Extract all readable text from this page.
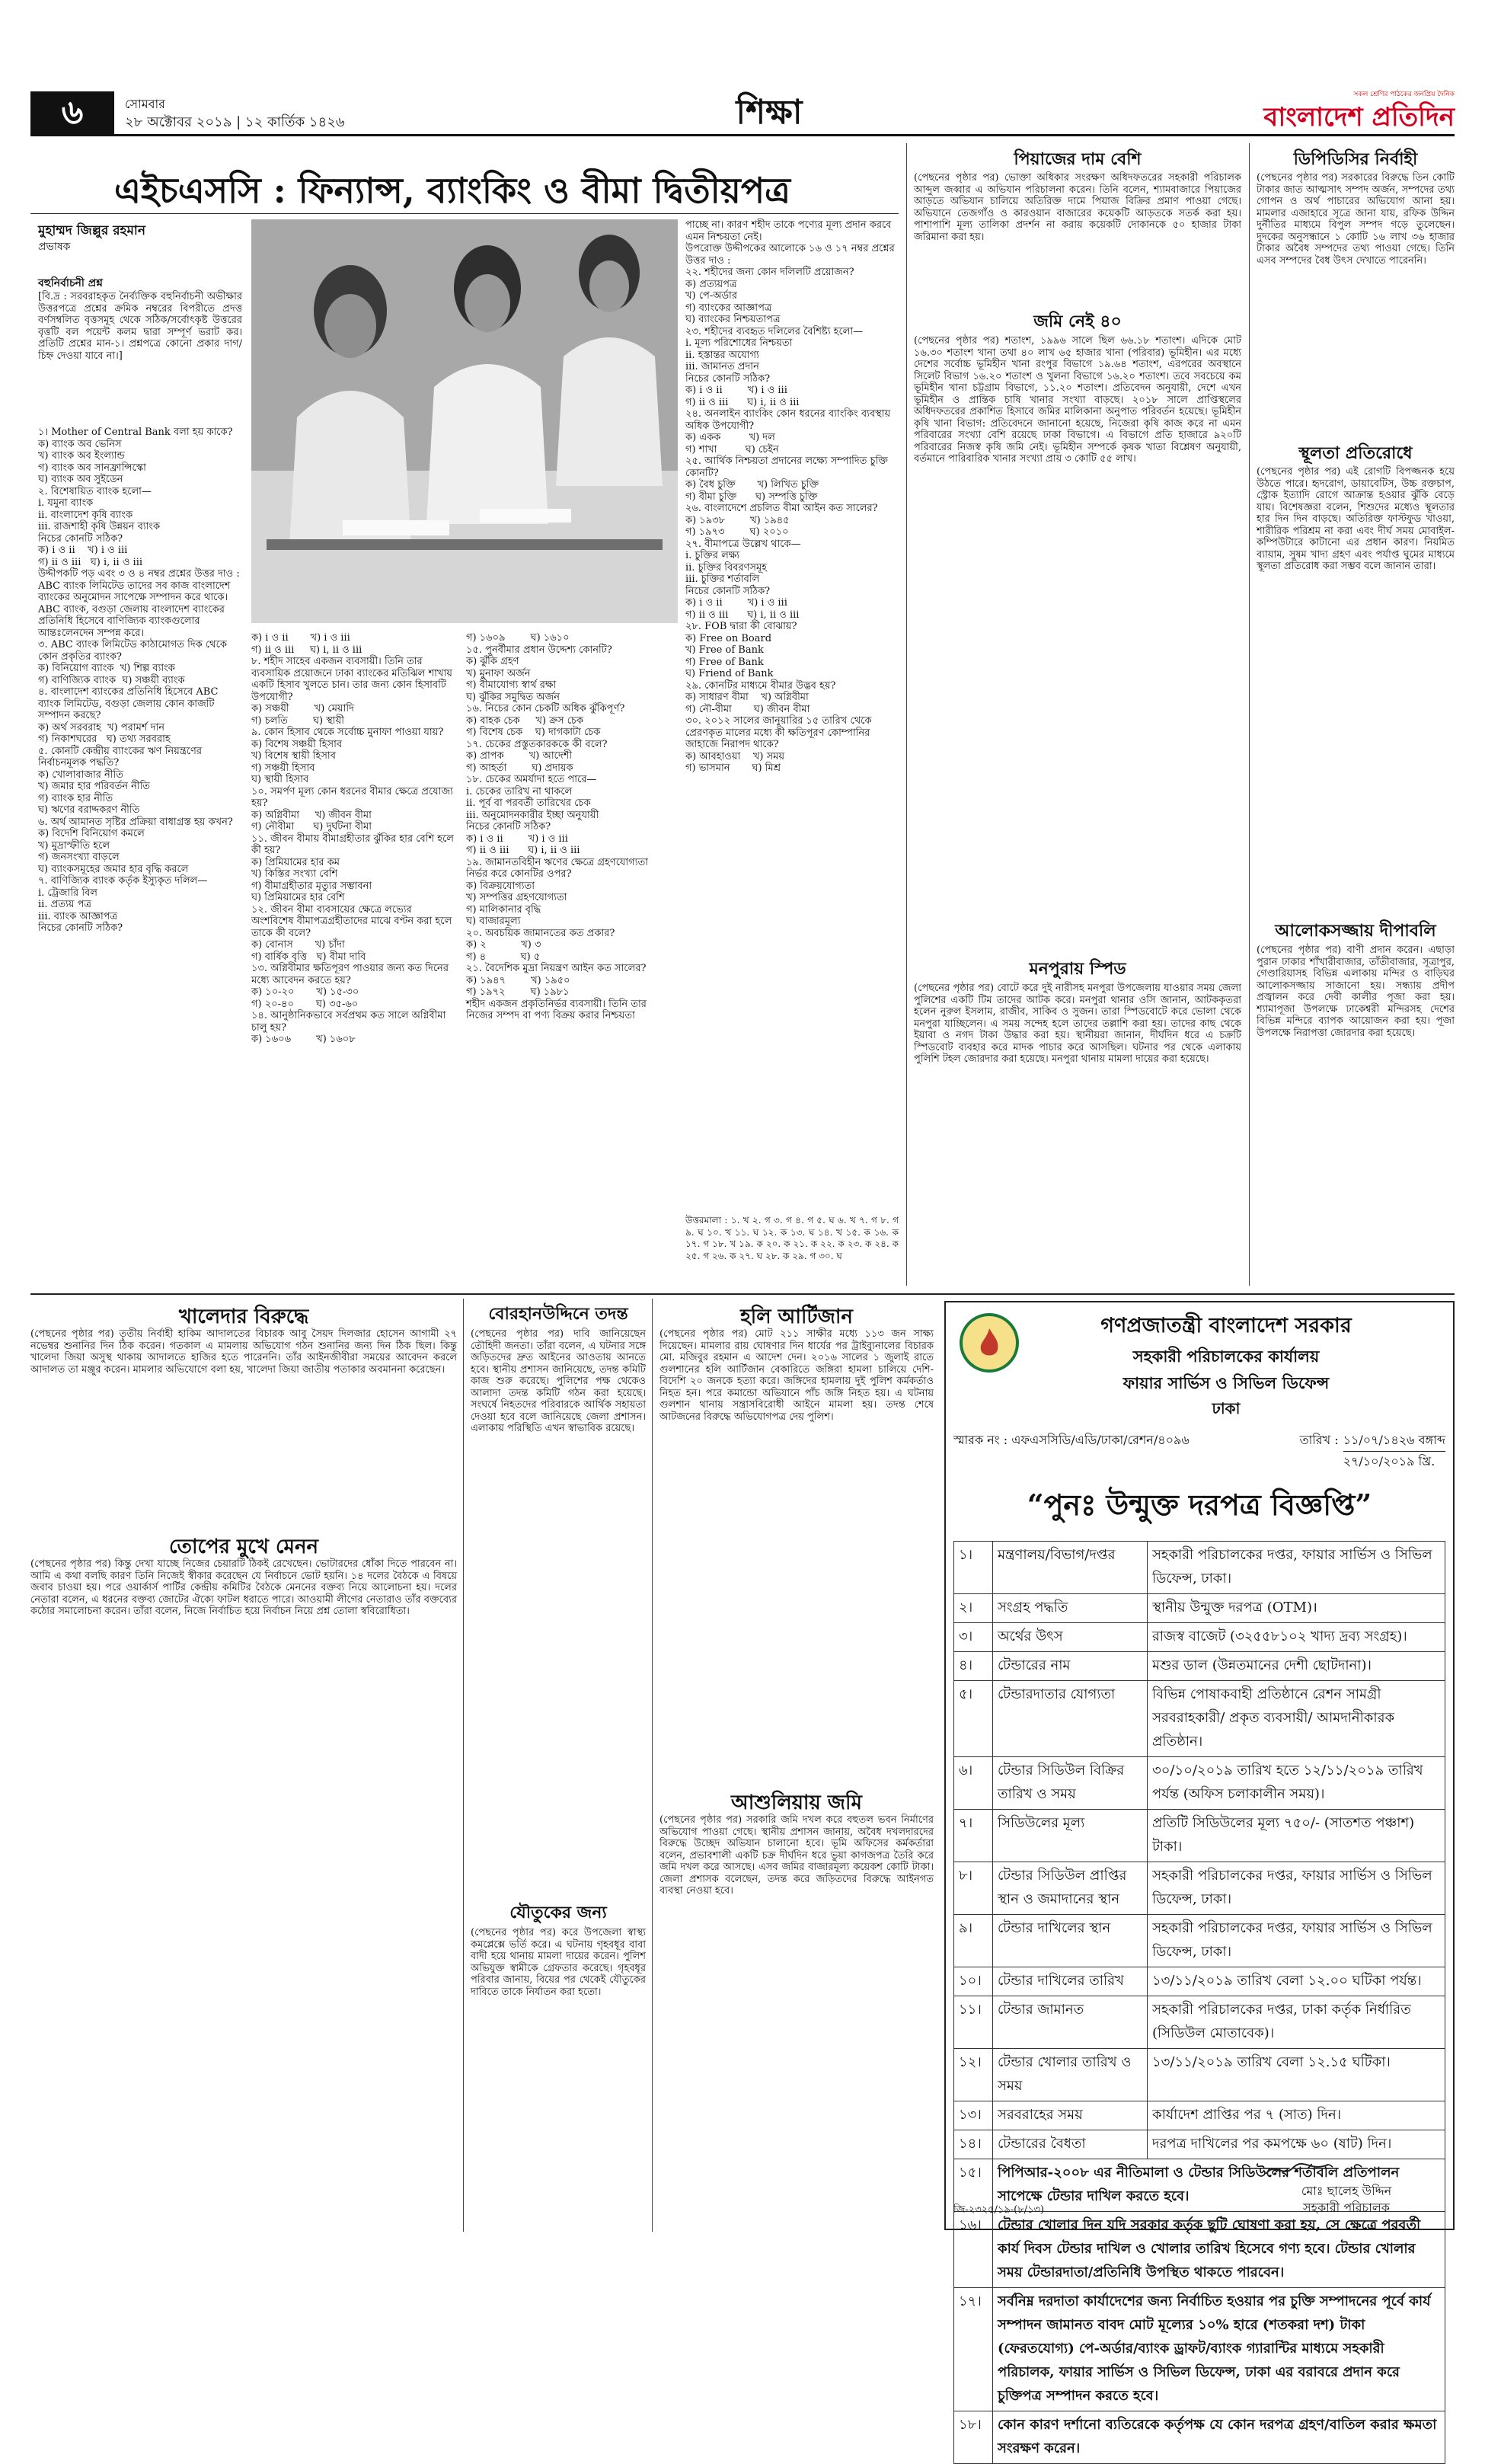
৬	সোমবার
২৮ অক্টোবর ২০১৯ | ১২ কার্তিক ১৪২৬	শিক্ষা	সকল শ্রেণির পাঠকের জনপ্রিয় দৈনিক
বাংলাদেশ প্রতিদিন
এইচএসসি : ফিন্যান্স, ব্যাংকিং ও বীমা দ্বিতীয়পত্র
মুহাম্মদ জিল্লুর রহমান
প্রভাষক
বহুনির্বাচনী প্রশ্ন
[বি.দ্র : সরবরাহকৃত নৈর্ব্যক্তিক বহুনির্বাচনী অভীক্ষার উত্তরপত্রে প্রশ্নের ক্রমিক নম্বরের বিপরীতে প্রদত্ত বর্ণসম্বলিত বৃত্তসমূহ থেকে সঠিক/সর্বোৎকৃষ্ট উত্তরের বৃত্তটি বল পয়েন্ট কলম দ্বারা সম্পূর্ণ ভরাট কর। প্রতিটি প্রশ্নের মান-১। প্রশ্নপত্রে কোনো প্রকার দাগ/চিহ্ন দেওয়া যাবে না।]
১। Mother of Central Bank বলা হয় কাকে?
ক) ব্যাংক অব ভেনিস
খ) ব্যাংক অব ইংল্যান্ড
গ) ব্যাংক অব সানফ্রান্সিস্কো
ঘ) ব্যাংক অব সুইডেন
২. বিশেষায়িত ব্যাংক হলো—
i. যমুনা ব্যাংক
ii. বাংলাদেশ কৃষি ব্যাংক
iii. রাজশাহী কৃষি উন্নয়ন ব্যাংক
নিচের কোনটি সঠিক?
ক) i ও ii    খ) i ও iii
গ) ii ও iii   ঘ) i, ii ও iii
উদ্দীপকটি পড় এবং ৩ ও ৪ নম্বর প্রশ্নের উত্তর দাও :
ABC ব্যাংক লিমিটেড তাদের সব কাজ বাংলাদেশ ব্যাংকের অনুমোদন সাপেক্ষে সম্পাদন করে থাকে। ABC ব্যাংক, বগুড়া জেলায় বাংলাদেশ ব্যাংকের প্রতিনিধি হিসেবে বাণিজ্যিক ব্যাংকগুলোর আন্তঃলেনদেন সম্পন্ন করে।
৩. ABC ব্যাংক লিমিটেড কাঠামোগত দিক থেকে কোন প্রকৃতির ব্যাংক?
ক) বিনিয়োগ ব্যাংক  খ) শিল্প ব্যাংক
গ) বাণিজ্যিক ব্যাংক  ঘ) সঞ্চয়ী ব্যাংক
৪. বাংলাদেশ ব্যাংকের প্রতিনিধি হিসেবে ABC ব্যাংক লিমিটেড, বগুড়া জেলায় কোন কাজটি সম্পাদন করছে?
ক) অর্থ সরবরাহ  খ) পরামর্শ দান
গ) নিকাশঘরের   ঘ) তথ্য সরবরাহ
৫. কোনটি কেন্দ্রীয় ব্যাংকের ঋণ নিয়ন্ত্রণের নির্বাচনমূলক পদ্ধতি?
ক) খোলাবাজার নীতি
খ) জমার হার পরিবর্তন নীতি
গ) ব্যাংক হার নীতি
ঘ) ঋণের বরাদ্দকরণ নীতি
৬. অর্থ আমানত সৃষ্টির প্রক্রিয়া বাধাগ্রস্ত হয় কখন?
ক) বিদেশি বিনিয়োগ কমলে
খ) মুদ্রাস্ফীতি হলে
গ) জনসংখ্যা বাড়লে
ঘ) ব্যাংকসমূহের জমার হার বৃদ্ধি করলে
৭. বাণিজ্যিক ব্যাংক কর্তৃক ইস্যুকৃত দলিল—
i. ট্রেজারি বিল
ii. প্রত্যয় পত্র
iii. ব্যাংক আজ্ঞাপত্র
নিচের কোনটি সঠিক?
ক) i ও ii       খ) i ও iii
গ) ii ও iii     ঘ) i, ii ও iii
৮. শহীদ সাহেব একজন ব্যবসায়ী। তিনি তার ব্যবসায়িক প্রয়োজনে ঢাকা ব্যাংকের মতিঝিল শাখায় একটি হিসাব খুলতে চান। তার জন্য কোন হিসাবটি উপযোগী?
ক) সঞ্চয়ী        খ) মেয়াদি
গ) চলতি        ঘ) স্থায়ী
৯. কোন হিসাব থেকে সর্বোচ্চ মুনাফা পাওয়া যায়?
ক) বিশেষ সঞ্চয়ী হিসাব
খ) বিশেষ স্থায়ী হিসাব
গ) সঞ্চয়ী হিসাব
ঘ) স্থায়ী হিসাব
১০. সমর্পণ মূল্য কোন ধরনের বীমার ক্ষেত্রে প্রযোজ্য হয়?
ক) অগ্নিবীমা     খ) জীবন বীমা
গ) নৌবীমা      ঘ) দুর্ঘটনা বীমা
১১. জীবন বীমায় বীমাগ্রহীতার ঝুঁকির হার বেশি হলে কী হয়?
ক) প্রিমিয়ামের হার কম
খ) কিস্তির সংখ্যা বেশি
গ) বীমাগ্রহীতার মৃত্যুর সম্ভাবনা
ঘ) প্রিমিয়ামের হার বেশি
১২. জীবন বীমা ব্যবসায়ের ক্ষেত্রে লভ্যের অংশবিশেষ বীমাপত্রগ্রহীতাদের মাঝে বণ্টন করা হলে তাকে কী বলে?
ক) বোনাস       খ) চাঁদা
গ) বার্ষিক বৃত্তি   ঘ) বীমা দাবি
১৩. অগ্নিবীমার ক্ষতিপূরণ পাওয়ার জন্য কত দিনের মধ্যে আবেদন করতে হয়?
ক) ১০-২০       খ) ১৫-৩০
গ) ২০-৪০       ঘ) ৩৫-৬০
১৪. আনুষ্ঠানিকভাবে সর্বপ্রথম কত সালে অগ্নিবীমা চালু হয়?
ক) ১৬০৬        খ) ১৬০৮
গ) ১৬০৯        ঘ) ১৬১০
১৫. পুনর্বীমার প্রধান উদ্দেশ্য কোনটি?
ক) ঝুঁকি গ্রহণ
খ) মুনাফা অর্জন
গ) বীমাযোগ্য স্বার্থ রক্ষা
ঘ) ঝুঁকির সমুদ্বিত অর্জন
১৬. নিচের কোন চেকটি অধিক ঝুঁকিপূর্ণ?
ক) বাহক চেক     খ) ক্রস চেক
গ) বিশেষ চেক    ঘ) দাগকাটা চেক
১৭. চেকের প্রস্তুতকারককে কী বলে?
ক) প্রাপক        খ) আদেশী
গ) আহর্তা        ঘ) প্রদায়ক
১৮. চেকের অমর্যাদা হতে পারে—
i. চেকের তারিখ না থাকলে
ii. পূর্ব বা পরবর্তী তারিখের চেক
iii. অনুমোদনকারীর ইচ্ছা অনুযায়ী
নিচের কোনটি সঠিক?
ক) i ও ii        খ) i ও iii
গ) ii ও iii      ঘ) i, ii ও iii
১৯. জামানতবিহীন ঋণের ক্ষেত্রে গ্রহণযোগ্যতা নির্ভর করে কোনটির ওপর?
ক) বিক্রয়যোগ্যতা
খ) সম্পত্তির গ্রহণযোগ্যতা
গ) মালিকানার বৃদ্ধি
ঘ) বাজারমূল্য
২০. অবচয়িক জামানতের কত প্রকার?
ক) ২           খ) ৩
গ) ৪           ঘ) ৫
২১. বৈদেশিক মুদ্রা নিয়ন্ত্রণ আইন কত সালের?
ক) ১৯৪৭        খ) ১৯৫০
গ) ১৯৭২        ঘ) ১৯৮১
শহীদ একজন প্রকৃতিনির্ভর ব্যবসায়ী। তিনি তার নিজের সম্পদ বা পণ্য বিক্রয় করার নিশ্চয়তা
পাচ্ছে না। কারণ শহীদ তাকে পণ্যের মূল্য প্রদান করবে এমন নিশ্চয়তা নেই।
উপরোক্ত উদ্দীপকের আলোকে ১৬ ও ১৭ নম্বর প্রশ্নের উত্তর দাও :
২২. শহীদের জন্য কোন দলিলটি প্রয়োজন?
ক) প্রত্যয়পত্র
খ) পে-অর্ডার
গ) ব্যাংকের আজ্ঞাপত্র
ঘ) ব্যাংকের নিশ্চয়তাপত্র
২৩. শহীদের ব্যবহৃত দলিলের বৈশিষ্ট্য হলো—
i. মূল্য পরিশোধের নিশ্চয়তা
ii. হস্তান্তর অযোগ্য
iii. জামানত প্রদান
নিচের কোনটি সঠিক?
ক) i ও ii        খ) i ও iii
গ) ii ও iii      ঘ) i, ii ও iii
২৪. অনলাইন ব্যাংকিং কোন ধরনের ব্যাংকিং ব্যবস্থায় অধিক উপযোগী?
ক) একক         খ) দল
গ) শাখা         ঘ) চেইন
২৫. আর্থিক নিশ্চয়তা প্রদানের লক্ষ্যে সম্পাদিত চুক্তি কোনটি?
ক) বৈধ চুক্তি       খ) লিখিত চুক্তি
গ) বীমা চুক্তি      ঘ) সম্পত্তি চুক্তি
২৬. বাংলাদেশে প্রচলিত বীমা আইন কত সালের?
ক) ১৯৩৮        খ) ১৯৪৫
গ) ১৯৭৩        ঘ) ২০১০
২৭. বীমাপত্রে উল্লেখ থাকে—
i. চুক্তির লক্ষ্য
ii. চুক্তির বিবরণসমূহ
iii. চুক্তির শর্তাবলি
নিচের কোনটি সঠিক?
ক) i ও ii        খ) i ও iii
গ) ii ও iii      ঘ) i, ii ও iii
২৮. FOB দ্বারা কী বোঝায়?
ক) Free on Board
খ) Free of Bank
গ) Free of Bank
ঘ) Friend of Bank
২৯. কোনটির মাধ্যমে বীমার উদ্ভব হয়?
ক) সাধারণ বীমা    খ) অগ্নিবীমা
গ) নৌ-বীমা       ঘ) জীবন বীমা
৩০. ২০১২ সালের জানুয়ারির ১৫ তারিখ থেকে প্রেরণকৃত মালের মধ্যে কী ক্ষতিপূরণ কোম্পানির জাহাজে নিরাপদ থাকে?
ক) আবহাওয়া    খ) সময়
গ) ভাসমান       ঘ) মিশ্র
উত্তরমালা : ১. খ ২. গ ৩. গ ৪. গ ৫. ঘ ৬. খ ৭. গ ৮. গ ৯. ঘ ১০. খ ১১. ঘ ১২. ক ১৩. ঘ ১৪. খ ১৫. ক ১৬. ক ১৭. গ ১৮. খ ১৯. ক ২০. ক ২১. ক ২২. ক ২৩. ক ২৪. ক ২৫. গ ২৬. ক ২৭. ঘ ২৮. ক ২৯. গ ৩০. ঘ
পিয়াজের দাম বেশি
(পেছনের পৃষ্ঠার পর) ভোক্তা অধিকার সংরক্ষণ অধিদফতরের সহকারী পরিচালক আব্দুল জব্বার এ অভিযান পরিচালনা করেন। তিনি বলেন, শ্যামবাজারে পিয়াজের আড়তে অভিযান চালিয়ে অতিরিক্ত দামে পিয়াজ বিক্রির প্রমাণ পাওয়া গেছে। অভিযানে তেজগাঁও ও কারওয়ান বাজারের কয়েকটি আড়তকে সতর্ক করা হয়। পাশাপাশি মূল্য তালিকা প্রদর্শন না করায় কয়েকটি দোকানকে ৫০ হাজার টাকা জরিমানা করা হয়।
জমি নেই ৪০
(পেছনের পৃষ্ঠার পর) শতাংশ, ১৯৯৬ সালে ছিল ৬৬.১৮ শতাংশ। এদিকে মোট ১৬.৩০ শতাংশ খানা তথা ৪০ লাখ ৬৫ হাজার খানা (পরিবার) ভূমিহীন। এর মধ্যে দেশের সর্বোচ্চ ভূমিহীন খানা রংপুর বিভাগে ১৯.৬৪ শতাংশ, এরপরের অবস্থানে সিলেট বিভাগ ১৬.২০ শতাংশ ও খুলনা বিভাগে ১৬.২০ শতাংশ। তবে সবচেয়ে কম ভূমিহীন খানা চট্টগ্রাম বিভাগে, ১১.২০ শতাংশ। প্রতিবেদন অনুযায়ী, দেশে এখন ভূমিহীন ও প্রান্তিক চাষি খানার সংখ্যা বাড়ছে। ২০১৮ সালে প্রাপ্তিস্থলের অধিদফতরের প্রকাশিত হিসাবে জমির মালিকানা অনুপাত পরিবর্তন হয়েছে। ভূমিহীন কৃষি খানা বিভাগ: প্রতিবেদনে জানানো হয়েছে, নিজেরা কৃষি কাজ করে না এমন পরিবারের সংখ্যা বেশি রয়েছে ঢাকা বিভাগে। এ বিভাগে প্রতি হাজারে ৯২০টি পরিবারের নিজস্ব কৃষি জমি নেই। ভূমিহীন সম্পর্কে কৃষক খাতা বিশ্লেষণ অনুযায়ী, বর্তমানে পারিবারিক খানার সংখ্যা প্রায় ৩ কোটি ৫৫ লাখ।
মনপুরায় স্পিড
(পেছনের পৃষ্ঠার পর) বোটে করে দুই নারীসহ মনপুরা উপজেলায় যাওয়ার সময় জেলা পুলিশের একটি টিম তাদের আটক করে। মনপুরা থানার ওসি জানান, আটককৃতরা হলেন নুরুল ইসলাম, রাজীব, সাকিব ও সুজন। তারা স্পিডবোটে করে ভোলা থেকে মনপুরা যাচ্ছিলেন। এ সময় সন্দেহ হলে তাদের তল্লাশি করা হয়। তাদের কাছ থেকে ইয়াবা ও নগদ টাকা উদ্ধার করা হয়। স্থানীয়রা জানান, দীর্ঘদিন ধরে এ চক্রটি স্পিডবোট ব্যবহার করে মাদক পাচার করে আসছিল। ঘটনার পর থেকে এলাকায় পুলিশি টহল জোরদার করা হয়েছে। মনপুরা থানায় মামলা দায়ের করা হয়েছে।
ডিপিডিসির নির্বাহী
(পেছনের পৃষ্ঠার পর) সরকারের বিরুদ্ধে তিন কোটি টাকার জাত আত্মসাৎ সম্পদ অর্জন, সম্পদের তথ্য গোপন ও অর্থ পাচারের অভিযোগ আনা হয়। মামলার এজাহারে সূত্রে জানা যায়, রফিক উদ্দিন দুর্নীতির মাধ্যমে বিপুল সম্পদ গড়ে তুলেছেন। দুদকের অনুসন্ধানে ১ কোটি ১৬ লাখ ৩৬ হাজার টাকার অবৈধ সম্পদের তথ্য পাওয়া গেছে। তিনি এসব সম্পদের বৈধ উৎস দেখাতে পারেননি।
স্থূলতা প্রতিরোধে
(পেছনের পৃষ্ঠার পর) এই রোগটি বিপজ্জনক হয়ে উঠতে পারে। হৃদরোগ, ডায়াবেটিস, উচ্চ রক্তচাপ, স্ট্রোক ইত্যাদি রোগে আক্রান্ত হওয়ার ঝুঁকি বেড়ে যায়। বিশেষজ্ঞরা বলেন, শিশুদের মধ্যেও স্থূলতার হার দিন দিন বাড়ছে। অতিরিক্ত ফাস্টফুড খাওয়া, শারীরিক পরিশ্রম না করা এবং দীর্ঘ সময় মোবাইল-কম্পিউটারে কাটানো এর প্রধান কারণ। নিয়মিত ব্যায়াম, সুষম খাদ্য গ্রহণ এবং পর্যাপ্ত ঘুমের মাধ্যমে স্থূলতা প্রতিরোধ করা সম্ভব বলে জানান তারা।
আলোকসজ্জায় দীপাবলি
(পেছনের পৃষ্ঠার পর) বাণী প্রদান করেন। এছাড়া পুরান ঢাকার শাঁখারীবাজার, তাঁতীবাজার, সূত্রাপুর, গেণ্ডারিয়াসহ বিভিন্ন এলাকায় মন্দির ও বাড়িঘর আলোকসজ্জায় সাজানো হয়। সন্ধ্যায় প্রদীপ প্রজ্বালন করে দেবী কালীর পূজা করা হয়। শ্যামাপূজা উপলক্ষে ঢাকেশ্বরী মন্দিরসহ দেশের বিভিন্ন মন্দিরে ব্যাপক আয়োজন করা হয়। পূজা উপলক্ষে নিরাপত্তা জোরদার করা হয়েছে।
খালেদার বিরুদ্ধে
(পেছনের পৃষ্ঠার পর) তৃতীয় নির্বাহী হাকিম আদালতের বিচারক আবু সৈয়দ দিলজার হোসেন আগামী ২৭ নভেম্বর শুনানির দিন ঠিক করেন। গতকাল এ মামলায় অভিযোগ গঠন শুনানির জন্য দিন ঠিক ছিল। কিন্তু খালেদা জিয়া অসুস্থ থাকায় আদালতে হাজির হতে পারেননি। তাঁর আইনজীবীরা সময়ের আবেদন করলে আদালত তা মঞ্জুর করেন। মামলার অভিযোগে বলা হয়, খালেদা জিয়া জাতীয় পতাকার অবমাননা করেছেন।
তোপের মুখে মেনন
(পেছনের পৃষ্ঠার পর) কিন্তু দেখা যাচ্ছে নিজের চেয়ারটি ঠিকই রেখেছেন। ভোটারদের ধোঁকা দিতে পারবেন না। আমি এ কথা বলছি কারণ তিনি নিজেই স্বীকার করেছেন যে নির্বাচনে ভোট হয়নি। ১৪ দলের বৈঠকে এ বিষয়ে জবাব চাওয়া হয়। পরে ওয়ার্কার্স পার্টির কেন্দ্রীয় কমিটির বৈঠকে মেননের বক্তব্য নিয়ে আলোচনা হয়। দলের নেতারা বলেন, এ ধরনের বক্তব্য জোটের ঐক্যে ফাটল ধরাতে পারে। আওয়ামী লীগের নেতারাও তাঁর বক্তব্যের কঠোর সমালোচনা করেন। তাঁরা বলেন, নিজে নির্বাচিত হয়ে নির্বাচন নিয়ে প্রশ্ন তোলা স্ববিরোধিতা।
বোরহানউদ্দিনে তদন্ত
(পেছনের পৃষ্ঠার পর) দাবি জানিয়েছেন তৌহিদী জনতা। তাঁরা বলেন, এ ঘটনার সঙ্গে জড়িতদের দ্রুত আইনের আওতায় আনতে হবে। স্থানীয় প্রশাসন জানিয়েছে, তদন্ত কমিটি কাজ শুরু করেছে। পুলিশের পক্ষ থেকেও আলাদা তদন্ত কমিটি গঠন করা হয়েছে। সংঘর্ষে নিহতদের পরিবারকে আর্থিক সহায়তা দেওয়া হবে বলে জানিয়েছে জেলা প্রশাসন। এলাকায় পরিস্থিতি এখন স্বাভাবিক রয়েছে।
যৌতুকের জন্য
(পেছনের পৃষ্ঠার পর) করে উপজেলা স্বাস্থ্য কমপ্লেক্সে ভর্তি করে। এ ঘটনায় গৃহবধূর বাবা বাদী হয়ে থানায় মামলা দায়ের করেন। পুলিশ অভিযুক্ত স্বামীকে গ্রেফতার করেছে। গৃহবধূর পরিবার জানায়, বিয়ের পর থেকেই যৌতুকের দাবিতে তাকে নির্যাতন করা হতো।
হলি আর্টিজান
(পেছনের পৃষ্ঠার পর) মোট ২১১ সাক্ষীর মধ্যে ১১৩ জন সাক্ষ্য দিয়েছেন। মামলার রায় ঘোষণার দিন ধার্যের পর ট্রাইব্যুনালের বিচারক মো. মজিবুর রহমান এ আদেশ দেন। ২০১৬ সালের ১ জুলাই রাতে গুলশানের হলি আর্টিজান বেকারিতে জঙ্গিরা হামলা চালিয়ে দেশি-বিদেশি ২০ জনকে হত্যা করে। জঙ্গিদের হামলায় দুই পুলিশ কর্মকর্তাও নিহত হন। পরে কমান্ডো অভিযানে পাঁচ জঙ্গি নিহত হয়। এ ঘটনায় গুলশান থানায় সন্ত্রাসবিরোধী আইনে মামলা হয়। তদন্ত শেষে আটজনের বিরুদ্ধে অভিযোগপত্র দেয় পুলিশ।
আশুলিয়ায় জমি
(পেছনের পৃষ্ঠার পর) সরকারি জমি দখল করে বহুতল ভবন নির্মাণের অভিযোগ পাওয়া গেছে। স্থানীয় প্রশাসন জানায়, অবৈধ দখলদারদের বিরুদ্ধে উচ্ছেদ অভিযান চালানো হবে। ভূমি অফিসের কর্মকর্তারা বলেন, প্রভাবশালী একটি চক্র দীর্ঘদিন ধরে ভুয়া কাগজপত্র তৈরি করে জমি দখল করে আসছে। এসব জমির বাজারমূল্য কয়েকশ কোটি টাকা। জেলা প্রশাসক বলেছেন, তদন্ত করে জড়িতদের বিরুদ্ধে আইনগত ব্যবস্থা নেওয়া হবে।
গণপ্রজাতন্ত্রী বাংলাদেশ সরকার
সহকারী পরিচালকের কার্যালয়
ফায়ার সার্ভিস ও সিভিল ডিফেন্স
ঢাকা
স্মারক নং : এফএসসিডি/এডি/ঢাকা/রেশন/৪০৯৬	তারিখ : ১১/০৭/১৪২৬ বঙ্গাব্দ
২৭/১০/২০১৯ খ্রি.
“পুনঃ উন্মুক্ত দরপত্র বিজ্ঞপ্তি”
১।	মন্ত্রণালয়/বিভাগ/দপ্তর	সহকারী পরিচালকের দপ্তর, ফায়ার সার্ভিস ও সিভিল ডিফেন্স, ঢাকা।
২।	সংগ্রহ পদ্ধতি	স্থানীয় উন্মুক্ত দরপত্র (OTM)।
৩।	অর্থের উৎস	রাজস্ব বাজেট (৩২৫৫৮১০২ খাদ্য দ্রব্য সংগ্রহ)।
৪।	টেন্ডারের নাম	মশুর ডাল (উন্নতমানের দেশী ছোটদানা)।
৫।	টেন্ডারদাতার যোগ্যতা	বিভিন্ন পোষাকবাহী প্রতিষ্ঠানে রেশন সামগ্রী সরবরাহকারী/ প্রকৃত ব্যবসায়ী/ আমদানীকারক প্রতিষ্ঠান।
৬।	টেন্ডার সিডিউল বিক্রির তারিখ ও সময়	৩০/১০/২০১৯ তারিখ হতে ১২/১১/২০১৯ তারিখ পর্যন্ত (অফিস চলাকালীন সময়)।
৭।	সিডিউলের মূল্য	প্রতিটি সিডিউলের মূল্য ৭৫০/- (সাতশত পঞ্চাশ) টাকা।
৮।	টেন্ডার সিডিউল প্রাপ্তির স্থান ও জমাদানের স্থান	সহকারী পরিচালকের দপ্তর, ফায়ার সার্ভিস ও সিভিল ডিফেন্স, ঢাকা।
৯।	টেন্ডার দাখিলের স্থান	সহকারী পরিচালকের দপ্তর, ফায়ার সার্ভিস ও সিভিল ডিফেন্স, ঢাকা।
১০।	টেন্ডার দাখিলের তারিখ	১৩/১১/২০১৯ তারিখ বেলা ১২.০০ ঘটিকা পর্যন্ত।
১১।	টেন্ডার জামানত	সহকারী পরিচালকের দপ্তর, ঢাকা কর্তৃক নির্ধারিত (সিডিউল মোতাবেক)।
১২।	টেন্ডার খোলার তারিখ ও সময়	১৩/১১/২০১৯ তারিখ বেলা ১২.১৫ ঘটিকা।
১৩।	সরবরাহের সময়	কার্যাদেশ প্রাপ্তির পর ৭ (সাত) দিন।
১৪।	টেন্ডারের বৈধতা	দরপত্র দাখিলের পর কমপক্ষে ৬০ (ষাট) দিন।
১৫।	পিপিআর-২০০৮ এর নীতিমালা ও টেন্ডার সিডিউলের শর্তাবলি প্রতিপালন সাপেক্ষে টেন্ডার দাখিল করতে হবে।	
১৬।	টেন্ডার খোলার দিন যদি সরকার কর্তৃক ছুটি ঘোষণা করা হয়, সে ক্ষেত্রে পরবর্তী কার্য দিবস টেন্ডার দাখিল ও খোলার তারিখ হিসেবে গণ্য হবে। টেন্ডার খোলার সময় টেন্ডারদাতা/প্রতিনিধি উপস্থিত থাকতে পারবেন।	
১৭।	সর্বনিম্ন দরদাতা কার্যাদেশের জন্য নির্বাচিত হওয়ার পর চুক্তি সম্পাদনের পূর্বে কার্য সম্পাদন জামানত বাবদ মোট মূল্যের ১০% হারে (শতকরা দশ) টাকা (ফেরতযোগ্য) পে-অর্ডার/ব্যাংক ড্রাফট/ব্যাংক গ্যারান্টির মাধ্যমে সহকারী পরিচালক, ফায়ার সার্ভিস ও সিভিল ডিফেন্স, ঢাকা এর বরাবরে প্রদান করে চুক্তিপত্র সম্পাদন করতে হবে।	
১৮।	কোন কারণ দর্শানো ব্যতিরেকে কর্তৃপক্ষ যে কোন দরপত্র গ্রহণ/বাতিল করার ক্ষমতা সংরক্ষণ করেন।	
মোঃ ছালেহ উদ্দিন
সহকারী পরিচালক
জি-২৩২৫/১৯-(৮/১৩)
